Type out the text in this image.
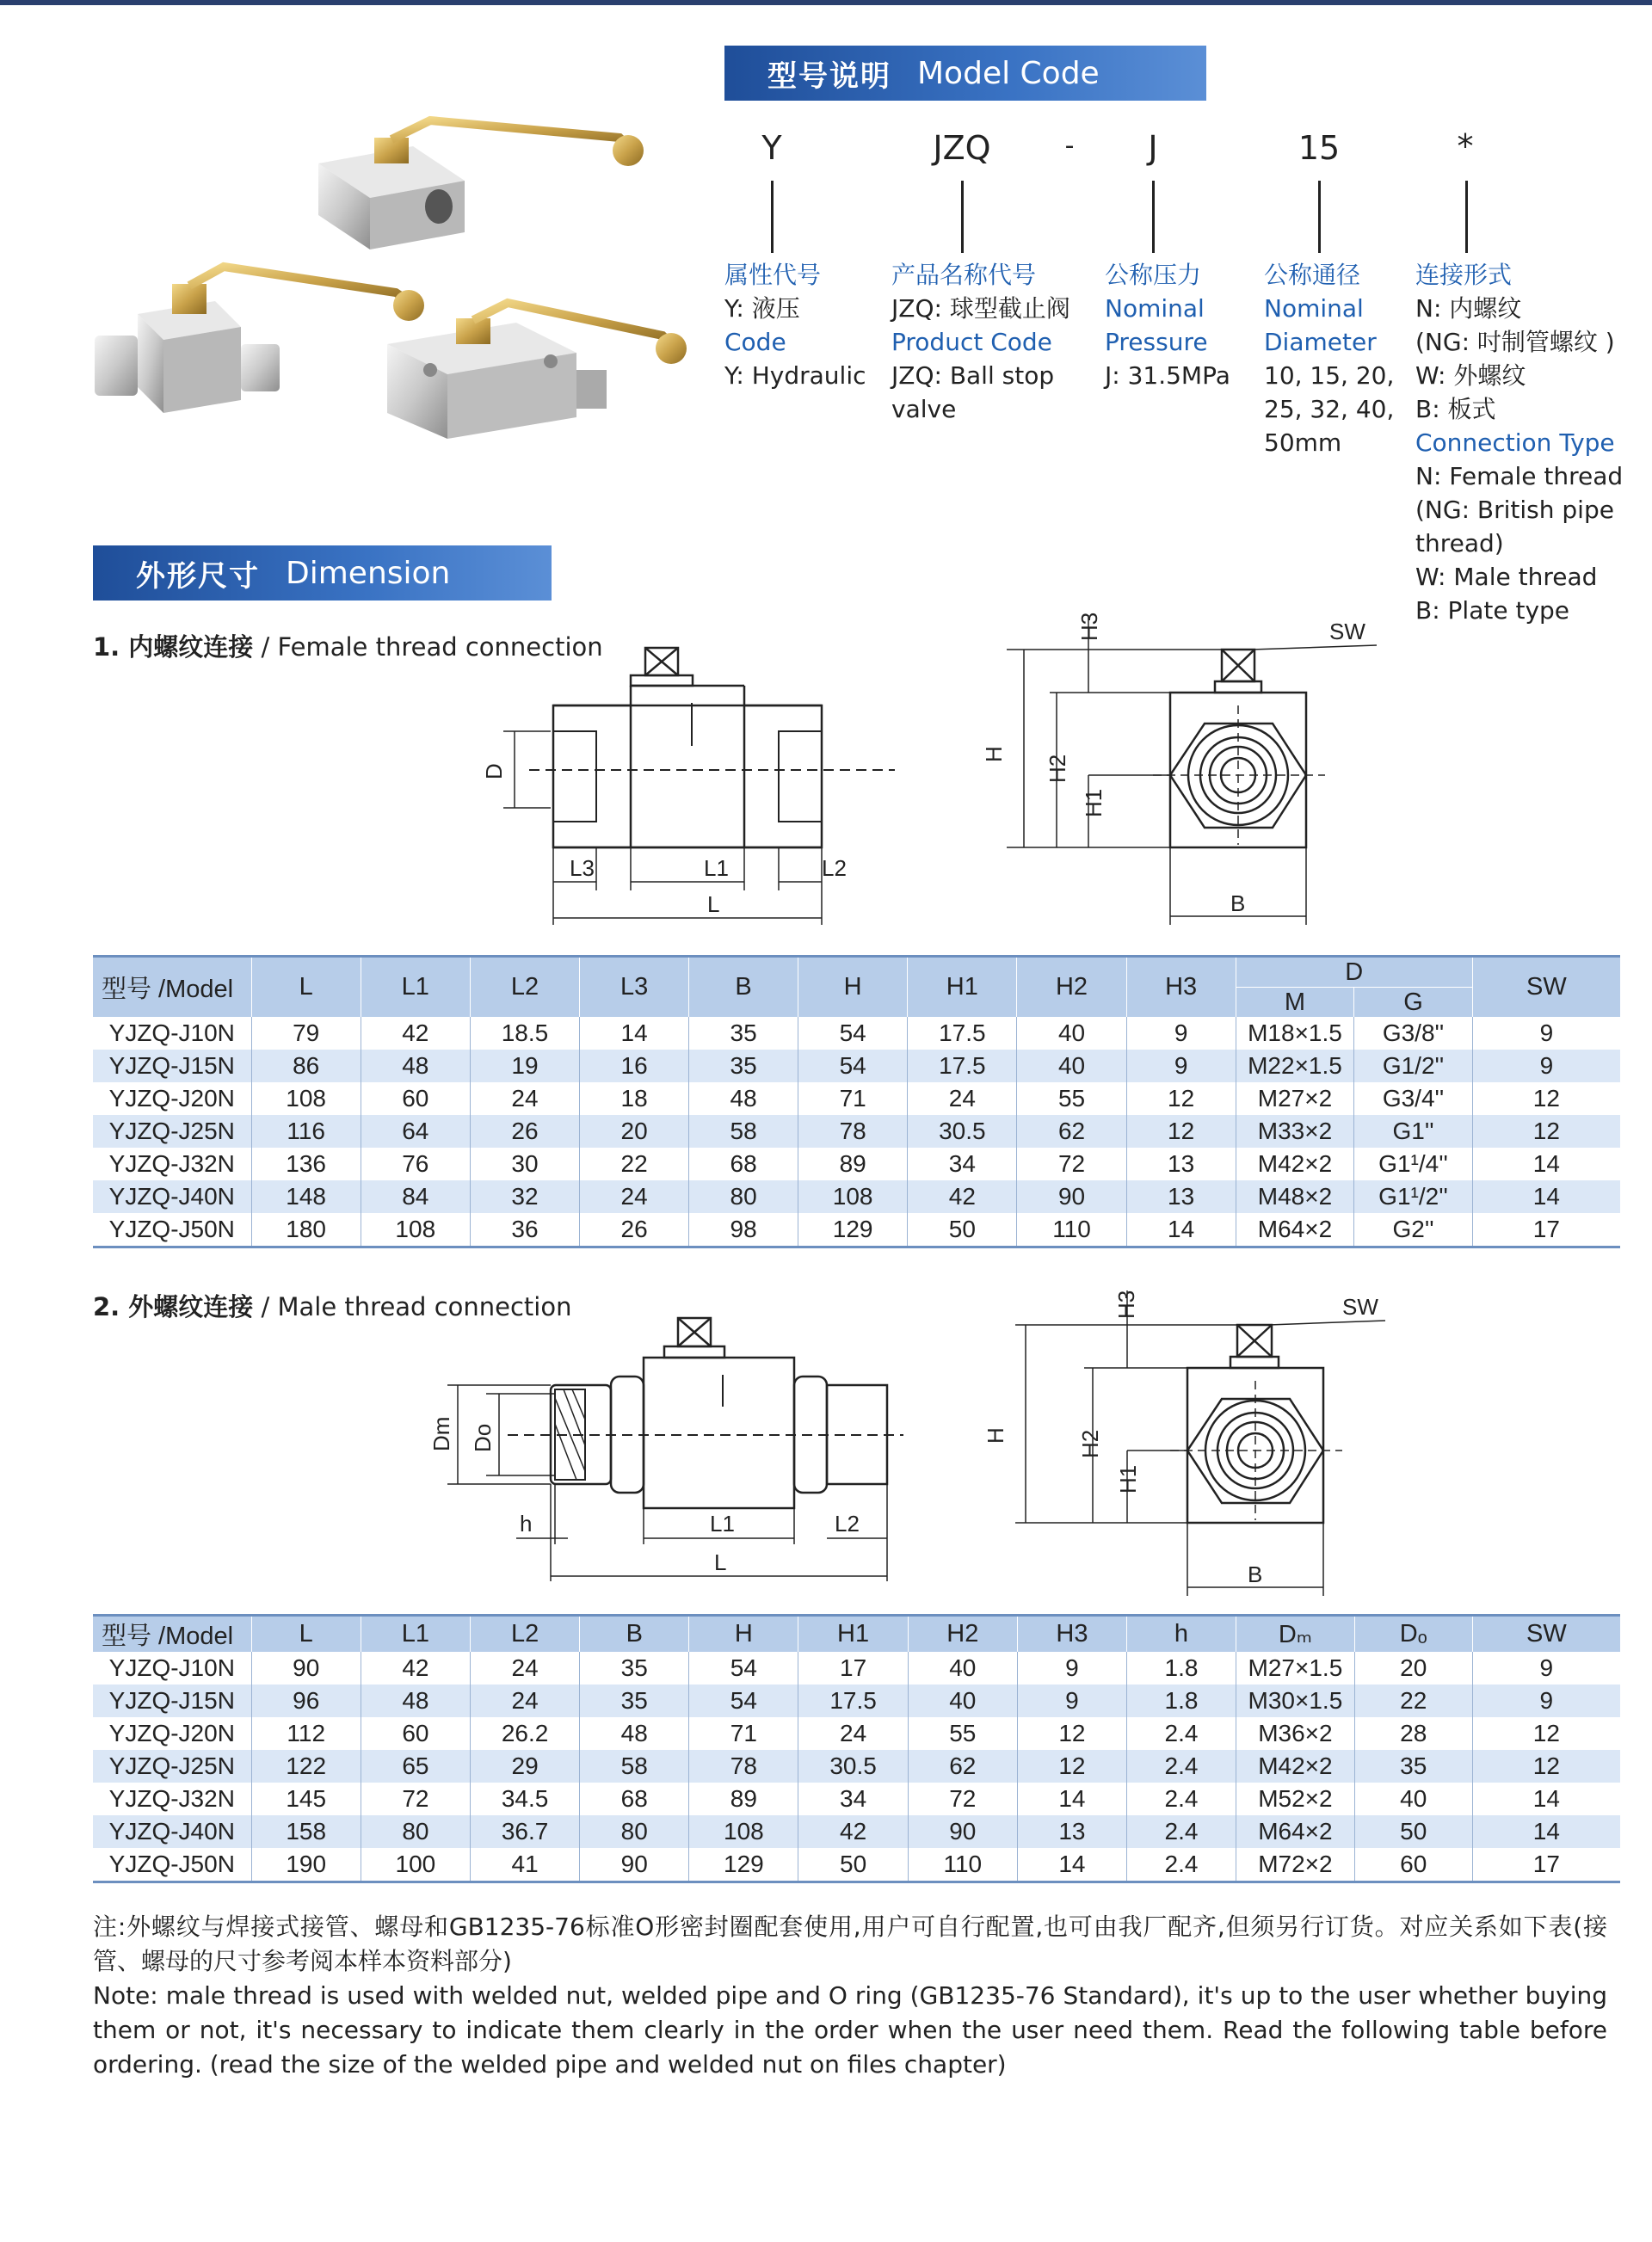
型号说明 Model Code
Y	JZQ	-	J	15	*
属性代号
Y: 液压
Code
Y: Hydraulic
产品名称代号
JZQ: 球型截止阀
Product Code
JZQ: Ball stop
valve
公称压力
Nominal
Pressure
J: 31.5MPa
公称通径
Nominal
Diameter
10, 15, 20,
25, 32, 40,
50mm
连接形式
N: 内螺纹
(NG: 吋制管螺纹 )
W: 外螺纹
B: 板式
Connection Type
N: Female thread
(NG: British pipe
thread)
W: Male thread
B: Plate type
外形尺寸 Dimension
1. 内螺纹连接 / Female thread connection
D
L3	L1	L2
L
H
H2
H1
H3	SW
B
型号 /Model	L	L1	L2	L3	B	H	H1	H2	H3	D		SW
										M	G	
YJZQ-J10N	79	42	18.5	14	35	54	17.5	40	9	M18×1.5	G3/8''	9
YJZQ-J15N	86	48	19	16	35	54	17.5	40	9	M22×1.5	G1/2''	9
YJZQ-J20N	108	60	24	18	48	71	24	55	12	M27×2	G3/4''	12
YJZQ-J25N	116	64	26	20	58	78	30.5	62	12	M33×2	G1''	12
YJZQ-J32N	136	76	30	22	68	89	34	72	13	M42×2	G1¹/4''	14
YJZQ-J40N	148	84	32	24	80	108	42	90	13	M48×2	G1¹/2''	14
YJZQ-J50N	180	108	36	26	98	129	50	110	14	M64×2	G2''	17
2. 外螺纹连接 / Male thread connection
Dm Do
h	L1	L2
L
H	H2
H1
H3	SW
B
型号 /Model	L	L1	L2	B	H	H1	H2	H3	h	Dₘ	Dₒ	SW
YJZQ-J10N	90	42	24	35	54	17	40	9	1.8	M27×1.5	20	9
YJZQ-J15N	96	48	24	35	54	17.5	40	9	1.8	M30×1.5	22	9
YJZQ-J20N	112	60	26.2	48	71	24	55	12	2.4	M36×2	28	12
YJZQ-J25N	122	65	29	58	78	30.5	62	12	2.4	M42×2	35	12
YJZQ-J32N	145	72	34.5	68	89	34	72	14	2.4	M52×2	40	14
YJZQ-J40N	158	80	36.7	80	108	42	90	13	2.4	M64×2	50	14
YJZQ-J50N	190	100	41	90	129	50	110	14	2.4	M72×2	60	17
注:外螺纹与焊接式接管、螺母和GB1235-76标准O形密封圈配套使用,用户可自行配置,也可由我厂配齐,但须另行订货。对应关系如下表(接管、螺母的尺寸参考阅本样本资料部分)
Note: male thread is used with welded nut, welded pipe and O ring (GB1235-76 Standard), it's up to the user whether buying them or not, it's necessary to indicate them clearly in the order when the user need them. Read the following table before ordering. (read the size of the welded pipe and welded nut on files chapter)
